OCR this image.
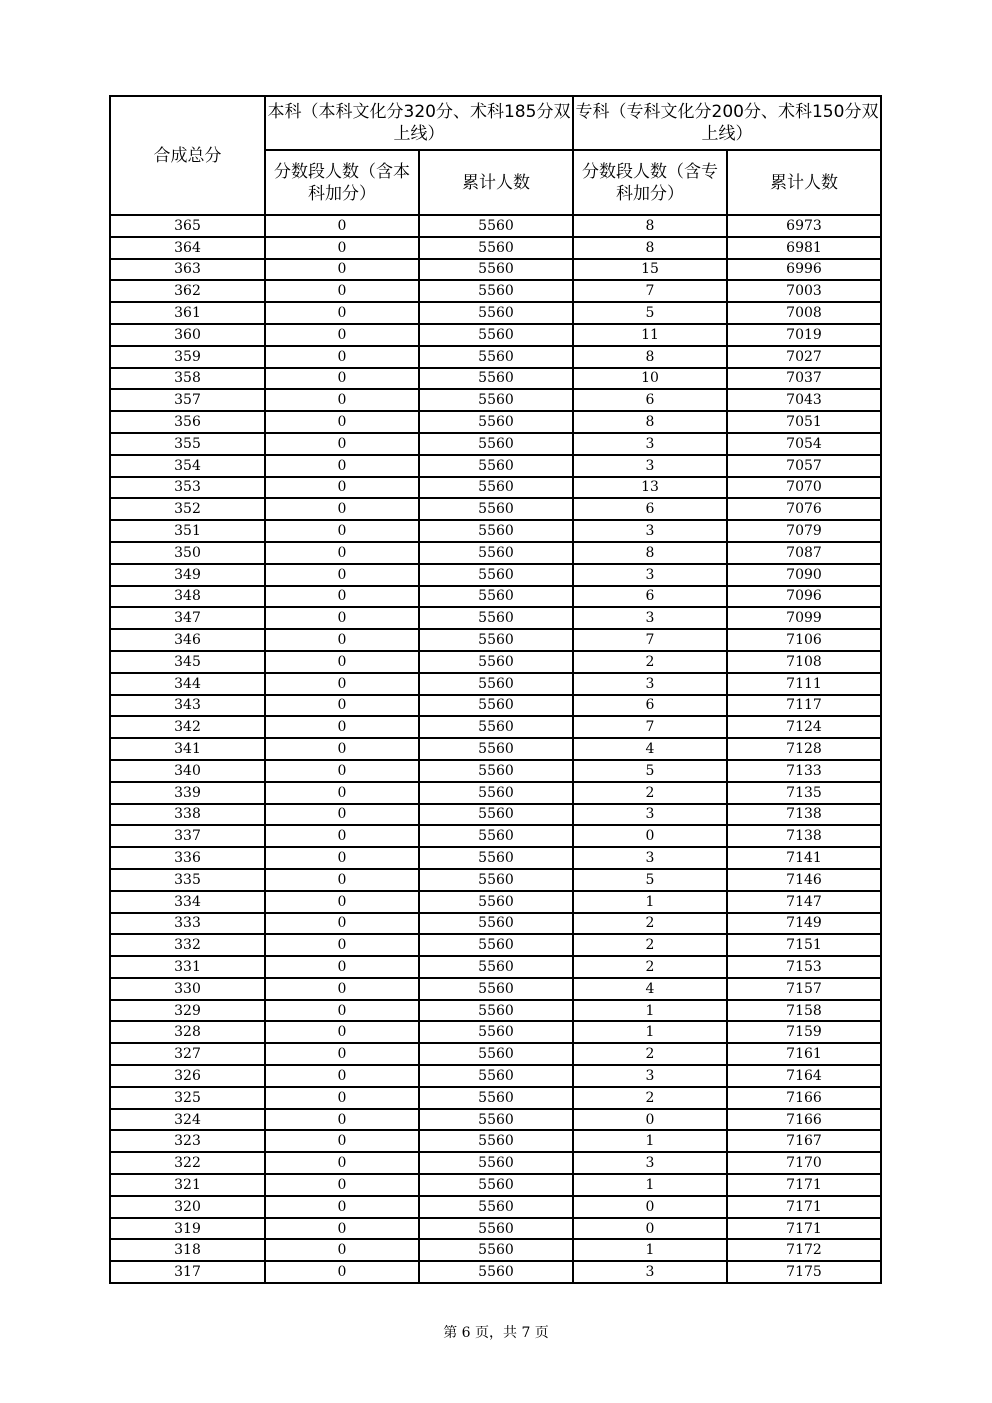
合成总分	本科（本科文化分320分、术科185分双上线）		专科（专科文化分200分、术科150分双上线）	
	分数段人数（含本科加分）	累计人数	分数段人数（含专科加分）	累计人数
365	0	5560	8	6973
364	0	5560	8	6981
363	0	5560	15	6996
362	0	5560	7	7003
361	0	5560	5	7008
360	0	5560	11	7019
359	0	5560	8	7027
358	0	5560	10	7037
357	0	5560	6	7043
356	0	5560	8	7051
355	0	5560	3	7054
354	0	5560	3	7057
353	0	5560	13	7070
352	0	5560	6	7076
351	0	5560	3	7079
350	0	5560	8	7087
349	0	5560	3	7090
348	0	5560	6	7096
347	0	5560	3	7099
346	0	5560	7	7106
345	0	5560	2	7108
344	0	5560	3	7111
343	0	5560	6	7117
342	0	5560	7	7124
341	0	5560	4	7128
340	0	5560	5	7133
339	0	5560	2	7135
338	0	5560	3	7138
337	0	5560	0	7138
336	0	5560	3	7141
335	0	5560	5	7146
334	0	5560	1	7147
333	0	5560	2	7149
332	0	5560	2	7151
331	0	5560	2	7153
330	0	5560	4	7157
329	0	5560	1	7158
328	0	5560	1	7159
327	0	5560	2	7161
326	0	5560	3	7164
325	0	5560	2	7166
324	0	5560	0	7166
323	0	5560	1	7167
322	0	5560	3	7170
321	0	5560	1	7171
320	0	5560	0	7171
319	0	5560	0	7171
318	0	5560	1	7172
317	0	5560	3	7175
第 6 页，共 7 页
